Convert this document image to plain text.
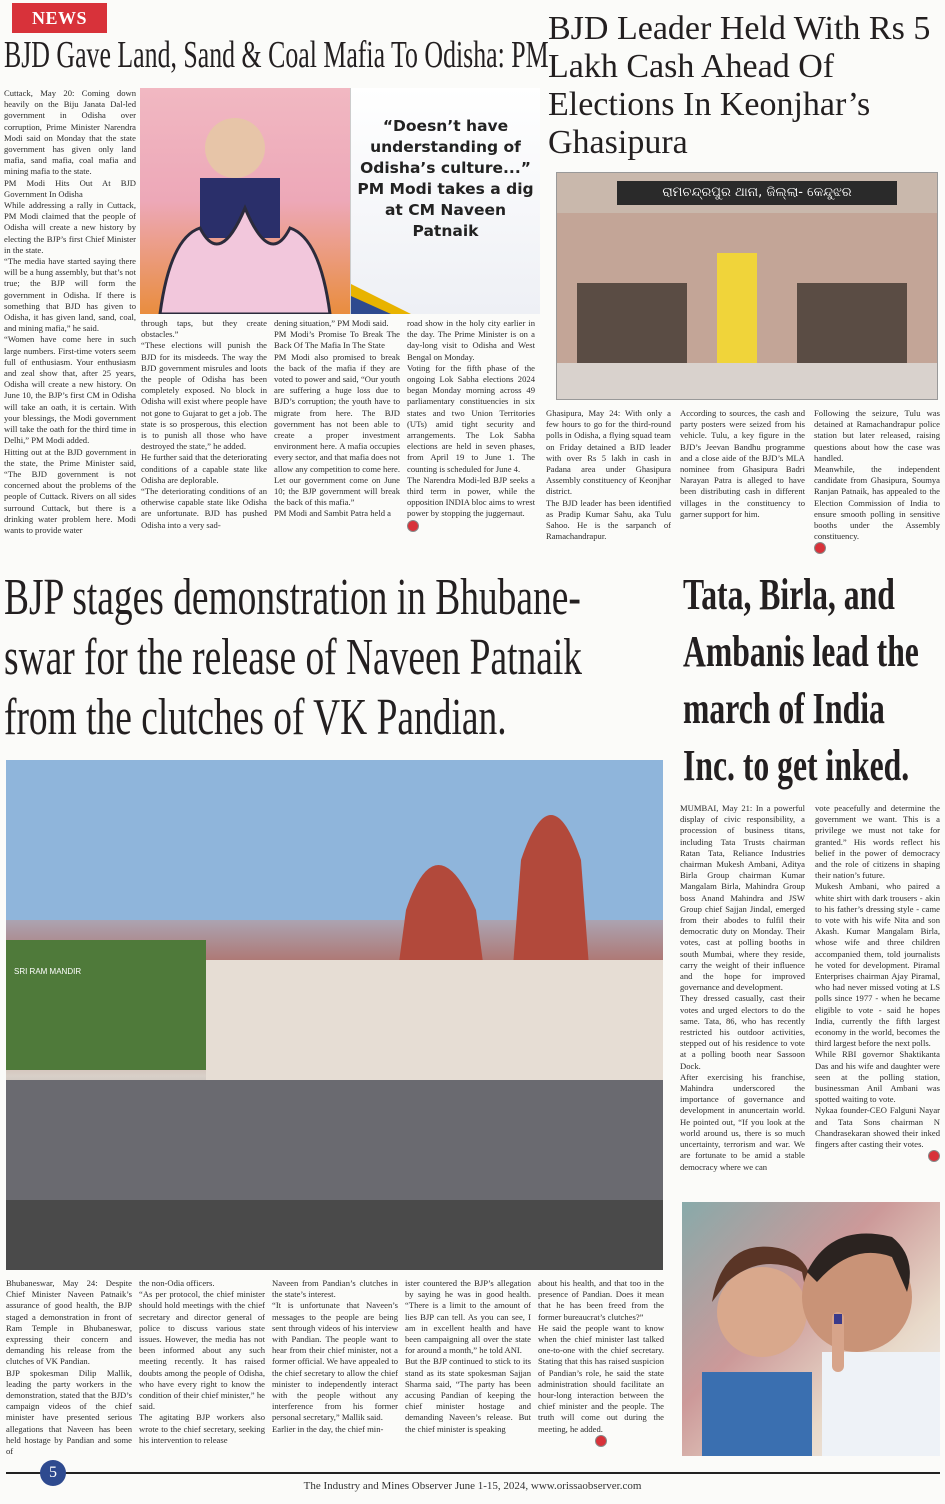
NEWS
BJD Gave Land, Sand & Coal Mafia To Odisha: PM

Cuttack, May 20: Coming down heavily on the Biju Janata Dal-led government in Odisha over corruption, Prime Minister Narendra Modi said on Monday that the state government has given only land mafia, sand mafia, coal mafia and mining mafia to the state.

PM Modi Hits Out At BJD Government In Odisha

While addressing a rally in Cuttack, PM Modi claimed that the people of Odisha will create a new history by electing the BJP’s first Chief Minister in the state.

“The media have started saying there will be a hung assembly, but that’s not true; the BJP will form the government in Odisha. If there is something that BJD has given to Odisha, it has given land, sand, coal, and mining mafia,” he said.

“Women have come here in such large numbers. First-time voters seem full of enthusiasm. Your enthusiasm and zeal show that, after 25 years, Odisha will create a new history. On June 10, the BJP’s first CM in Odisha will take an oath, it is certain. With your blessings, the Modi government will take the oath for the third time in Delhi,” PM Modi added.

Hitting out at the BJD government in the state, the Prime Minister said, “The BJD government is not concerned about the problems of the people of Cuttack. Rivers on all sides surround Cuttack, but there is a drinking water problem here. Modi wants to provide water

“Doesn’t have understanding of Odisha’s culture...” PM Modi takes a dig at CM Naveen Patnaik

through taps, but they create obstacles.”

“These elections will punish the BJD for its misdeeds. The way the BJD government misrules and loots the people of Odisha has been completely exposed. No block in Odisha will exist where people have not gone to Gujarat to get a job. The state is so prosperous, this election is to punish all those who have destroyed the state,” he added.

He further said that the deteriorating conditions of a capable state like Odisha are deplorable.

“The deteriorating conditions of an otherwise capable state like Odisha are unfortunate. BJD has pushed Odisha into a very sad-

dening situation,” PM Modi said.

PM Modi’s Promise To Break The Back Of The Mafia In The State

PM Modi also promised to break the back of the mafia if they are voted to power and said, “Our youth are suffering a huge loss due to BJD’s corruption; the youth have to migrate from here. The BJD government has not been able to create a proper investment environment here. A mafia occupies every sector, and that mafia does not allow any competition to come here. Let our government come on June 10; the BJP government will break the back of this mafia.”

PM Modi and Sambit Patra held a

road show in the holy city earlier in the day. The Prime Minister is on a day-long visit to Odisha and West Bengal on Monday.

Voting for the fifth phase of the ongoing Lok Sabha elections 2024 began Monday morning across 49 parliamentary constituencies in six states and two Union Territories (UTs) amid tight security and arrangements. The Lok Sabha elections are held in seven phases, from April 19 to June 1. The counting is scheduled for June 4.

The Narendra Modi-led BJP seeks a third term in power, while the opposition INDIA bloc aims to wrest power by stopping the juggernaut.

BJD Leader Held With Rs 5 Lakh Cash Ahead Of Elections In Keonjhar’s Ghasipura
ରାମଚନ୍ଦ୍ରପୁର ଥାନା, ଜିଲ୍ଲା- କେନ୍ଦୁଝର

Ghasipura, May 24: With only a few hours to go for the third-round polls in Odisha, a flying squad team on Friday detained a BJD leader with over Rs 5 lakh in cash in Padana area under Ghasipura Assembly constituency of Keonjhar district.

The BJD leader has been identified as Pradip Kumar Sahu, aka Tulu Sahoo. He is the sarpanch of Ramachandrapur.

According to sources, the cash and party posters were seized from his vehicle. Tulu, a key figure in the BJD’s Jeevan Bandhu programme and a close aide of the BJD’s MLA nominee from Ghasipura Badri Narayan Patra is alleged to have been distributing cash in different villages in the constituency to garner support for him.

Following the seizure, Tulu was detained at Ramachandrapur police station but later released, raising questions about how the case was handled.

Meanwhile, the independent candidate from Ghasipura, Soumya Ranjan Patnaik, has appealed to the Election Commission of India to ensure smooth polling in sensitive booths under the Assembly constituency.

BJP stages demonstration in Bhubane-
swar for the release of Naveen Patnaik
from the clutches of VK Pandian.
SRI RAM MANDIR

Bhubaneswar, May 24: Despite Chief Minister Naveen Patnaik’s assurance of good health, the BJP staged a demonstration in front of Ram Temple in Bhubaneswar, expressing their concern and demanding his release from the clutches of VK Pandian.

BJP spokesman Dilip Mallik, leading the party workers in the demonstration, stated that the BJD’s campaign videos of the chief minister have presented serious allegations that Naveen has been held hostage by Pandian and some of

the non-Odia officers.

“As per protocol, the chief minister should hold meetings with the chief secretary and director general of police to discuss various state issues. However, the media has not been informed about any such meeting recently. It has raised doubts among the people of Odisha, who have every right to know the condition of their chief minister,” he said.

The agitating BJP workers also wrote to the chief secretary, seeking his intervention to release

Naveen from Pandian’s clutches in the state’s interest.

“It is unfortunate that Naveen’s messages to the people are being sent through videos of his interview with Pandian. The people want to hear from their chief minister, not a former official. We have appealed to the chief secretary to allow the chief minister to independently interact with the people without any interference from his former personal secretary,” Mallik said.

Earlier in the day, the chief min-

ister countered the BJP’s allegation by saying he was in good health. “There is a limit to the amount of lies BJP can tell. As you can see, I am in excellent health and have been campaigning all over the state for around a month,” he told ANI.

But the BJP continued to stick to its stand as its state spokesman Sajjan Sharma said, “The party has been accusing Pandian of keeping the chief minister hostage and demanding Naveen’s release. But the chief minister is speaking

about his health, and that too in the presence of Pandian. Does it mean that he has been freed from the former bureaucrat’s clutches?”

He said the people want to know when the chief minister last talked one-to-one with the chief secretary. Stating that this has raised suspicion of Pandian’s role, he said the state administration should facilitate an hour-long interaction between the chief minister and the people. The truth will come out during the meeting, he added.

Tata, Birla, and
Ambanis lead the
march of India
Inc. to get inked.

MUMBAI, May 21: In a powerful display of civic responsibility, a procession of business titans, including Tata Trusts chairman Ratan Tata, Reliance Industries chairman Mukesh Ambani, Aditya Birla Group chairman Kumar Mangalam Birla, Mahindra Group boss Anand Mahindra and JSW Group chief Sajjan Jindal, emerged from their abodes to fulfil their democratic duty on Monday. Their votes, cast at polling booths in south Mumbai, where they reside, carry the weight of their influence and the hope for improved governance and development.

They dressed casually, cast their votes and urged electors to do the same. Tata, 86, who has recently restricted his outdoor activities, stepped out of his residence to vote at a polling booth near Sassoon Dock.

After exercising his franchise, Mahindra underscored the importance of governance and development in anuncertain world. He pointed out, “If you look at the world around us, there is so much uncertainty, terrorism and war. We are fortunate to be amid a stable democracy where we can

vote peacefully and determine the government we want. This is a privilege we must not take for granted.” His words reflect his belief in the power of democracy and the role of citizens in shaping their nation’s future.

Mukesh Ambani, who paired a white shirt with dark trousers - akin to his father’s dressing style - came to vote with his wife Nita and son Akash. Kumar Mangalam Birla, whose wife and three children accompanied them, told journalists he voted for development. Piramal Enterprises chairman Ajay Piramal, who had never missed voting at LS polls since 1977 - when he became eligible to vote - said he hopes India, currently the fifth largest economy in the world, becomes the third largest before the next polls.

While RBI governor Shaktikanta Das and his wife and daughter were seen at the polling station, businessman Anil Ambani was spotted waiting to vote.

Nykaa founder-CEO Falguni Nayar and Tata Sons chairman N Chandrasekaran showed their inked fingers after casting their votes.

5
The Industry and Mines Observer June 1-15, 2024, www.orissaobserver.com
